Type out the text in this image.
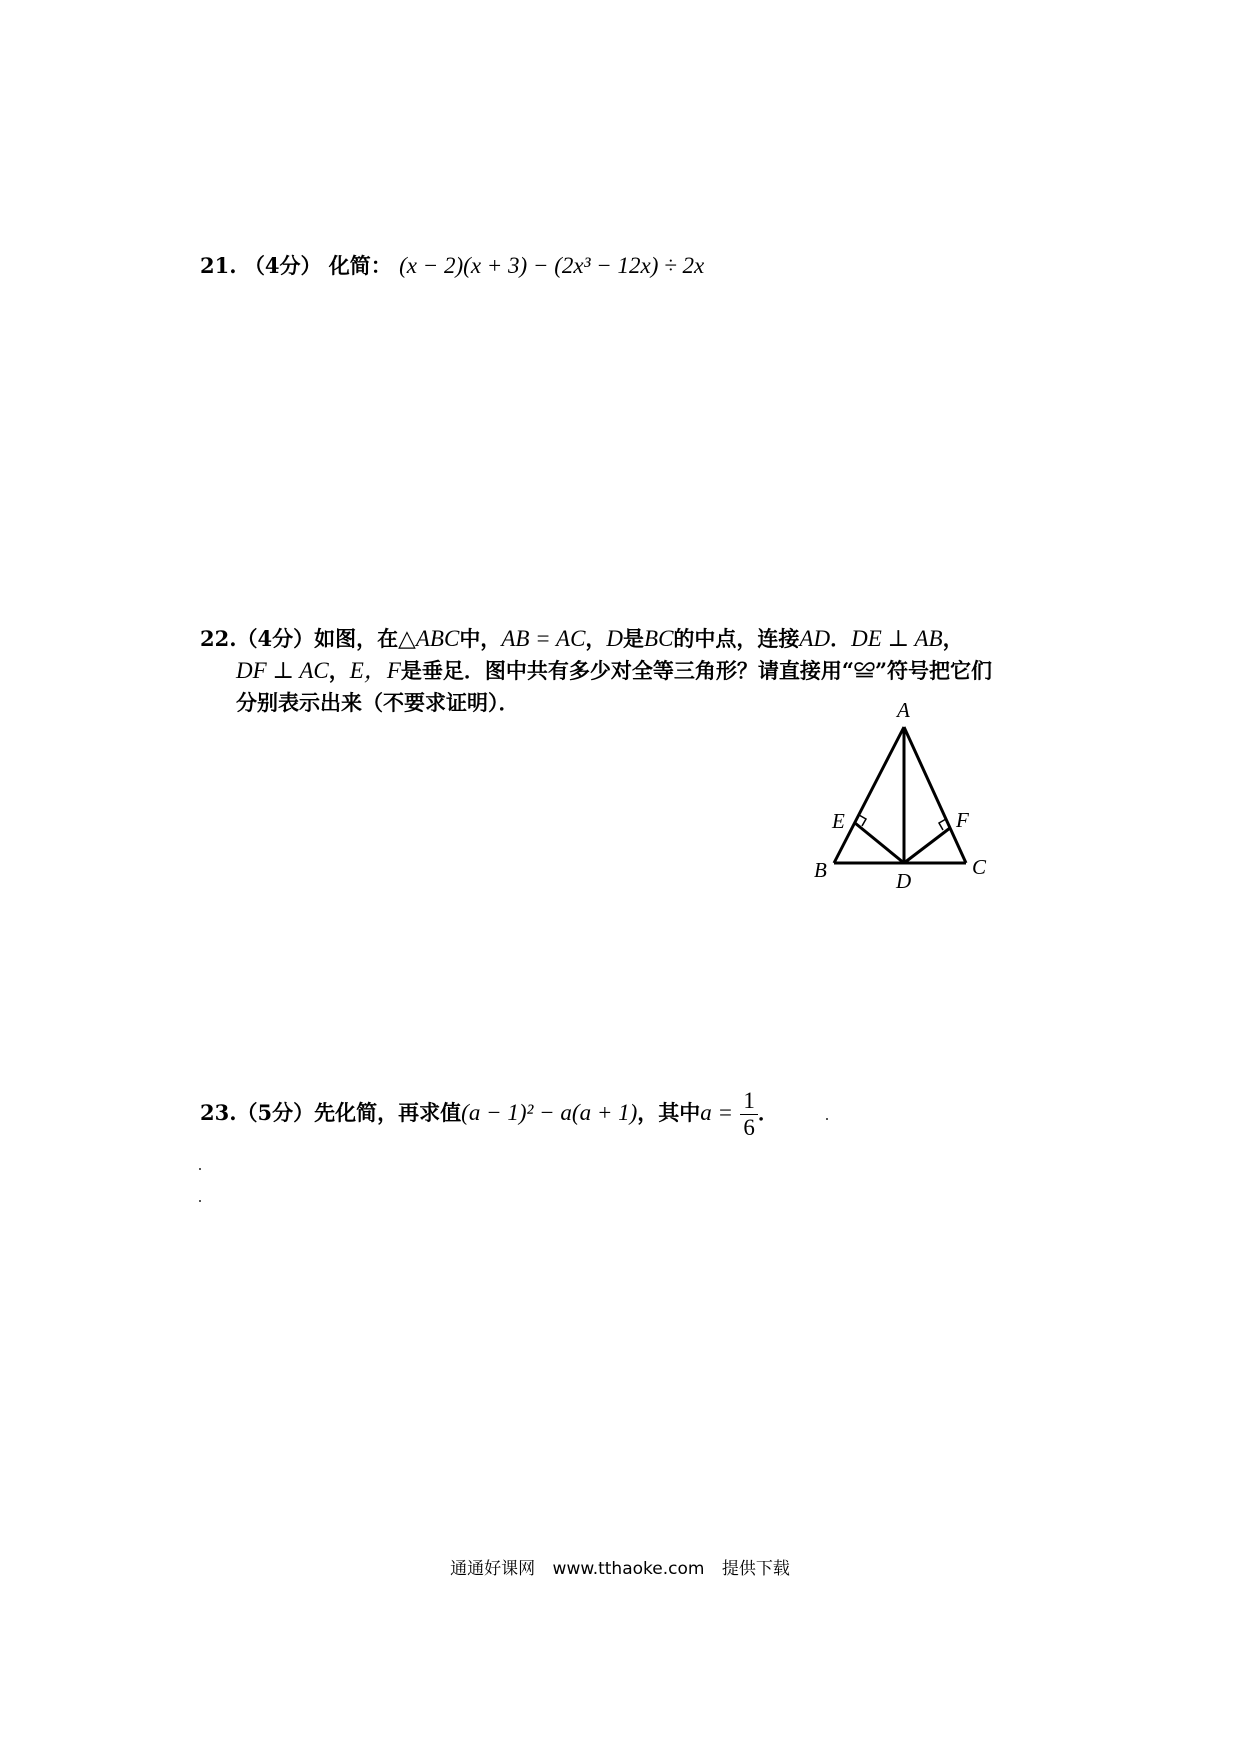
21. （4分） 化简： (x − 2)(x + 3) − (2x³ − 12x) ÷ 2x
22.（4分）如图，在△ABC中，AB = AC，D是BC的中点，连接AD．DE ⊥ AB，
DF ⊥ AC，E，F是垂足．图中共有多少对全等三角形？请直接用“≌”符号把它们
分别表示出来（不要求证明）．	A
B	C
D
E	F
23.（5分）先化简，再求值(a − 1)² − a(a + 1)，其中$a = \frac{1}{6}$ ．
通通好课网 www.tthaoke.com 提供下载
